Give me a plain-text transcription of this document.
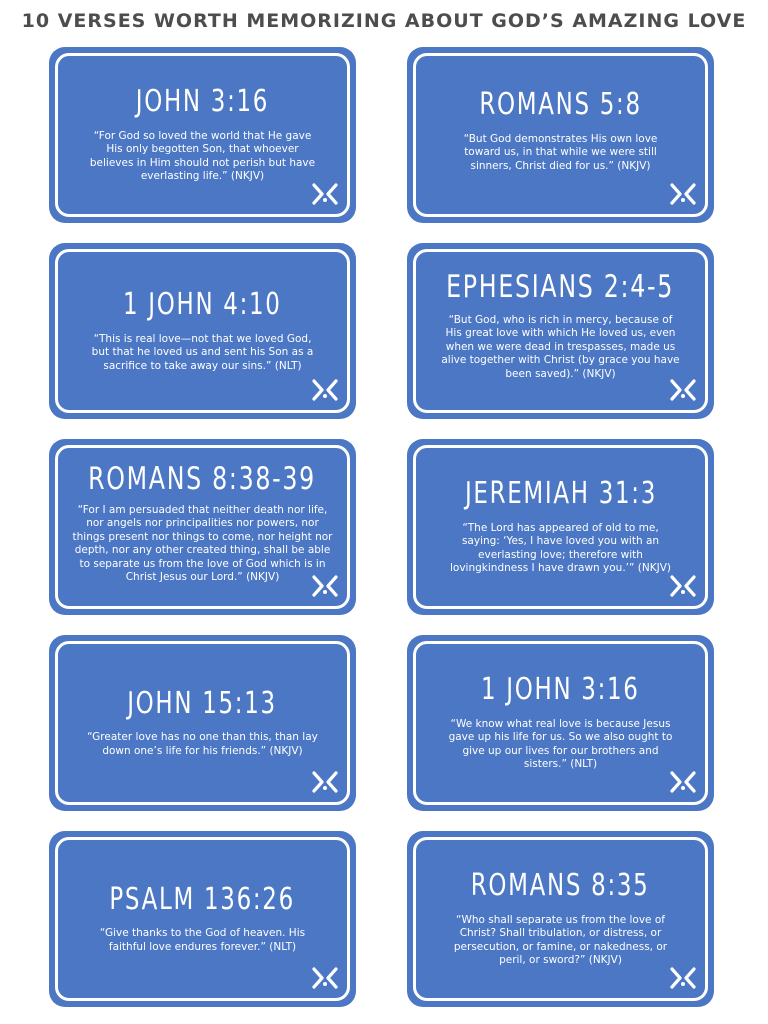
10 VERSES WORTH MEMORIZING ABOUT GOD’S AMAZING LOVE
JOHN 3:16
“For God so loved the world that He gave His only begotten Son, that whoever believes in Him should not perish but have everlasting life.” (NKJV)
ROMANS 5:8
“But God demonstrates His own love toward us, in that while we were still sinners, Christ died for us.” (NKJV)
1 JOHN 4:10
“This is real love—not that we loved God, but that he loved us and sent his Son as a sacrifice to take away our sins.” (NLT)
EPHESIANS 2:4-5
“But God, who is rich in mercy, because of His great love with which He loved us, even when we were dead in trespasses, made us alive together with Christ (by grace you have been saved).” (NKJV)
ROMANS 8:38-39
“For I am persuaded that neither death nor life, nor angels nor principalities nor powers, nor things present nor things to come, nor height nor depth, nor any other created thing, shall be able to separate us from the love of God which is in Christ Jesus our Lord.” (NKJV)
JEREMIAH 31:3
“The Lord has appeared of old to me, saying: ‘Yes, I have loved you with an everlasting love; therefore with lovingkindness I have drawn you.’” (NKJV)
JOHN 15:13
“Greater love has no one than this, than lay down one’s life for his friends.” (NKJV)
1 JOHN 3:16
“We know what real love is because Jesus gave up his life for us. So we also ought to give up our lives for our brothers and sisters.” (NLT)
PSALM 136:26
“Give thanks to the God of heaven. His faithful love endures forever.” (NLT)
ROMANS 8:35
“Who shall separate us from the love of Christ? Shall tribulation, or distress, or persecution, or famine, or nakedness, or peril, or sword?” (NKJV)
